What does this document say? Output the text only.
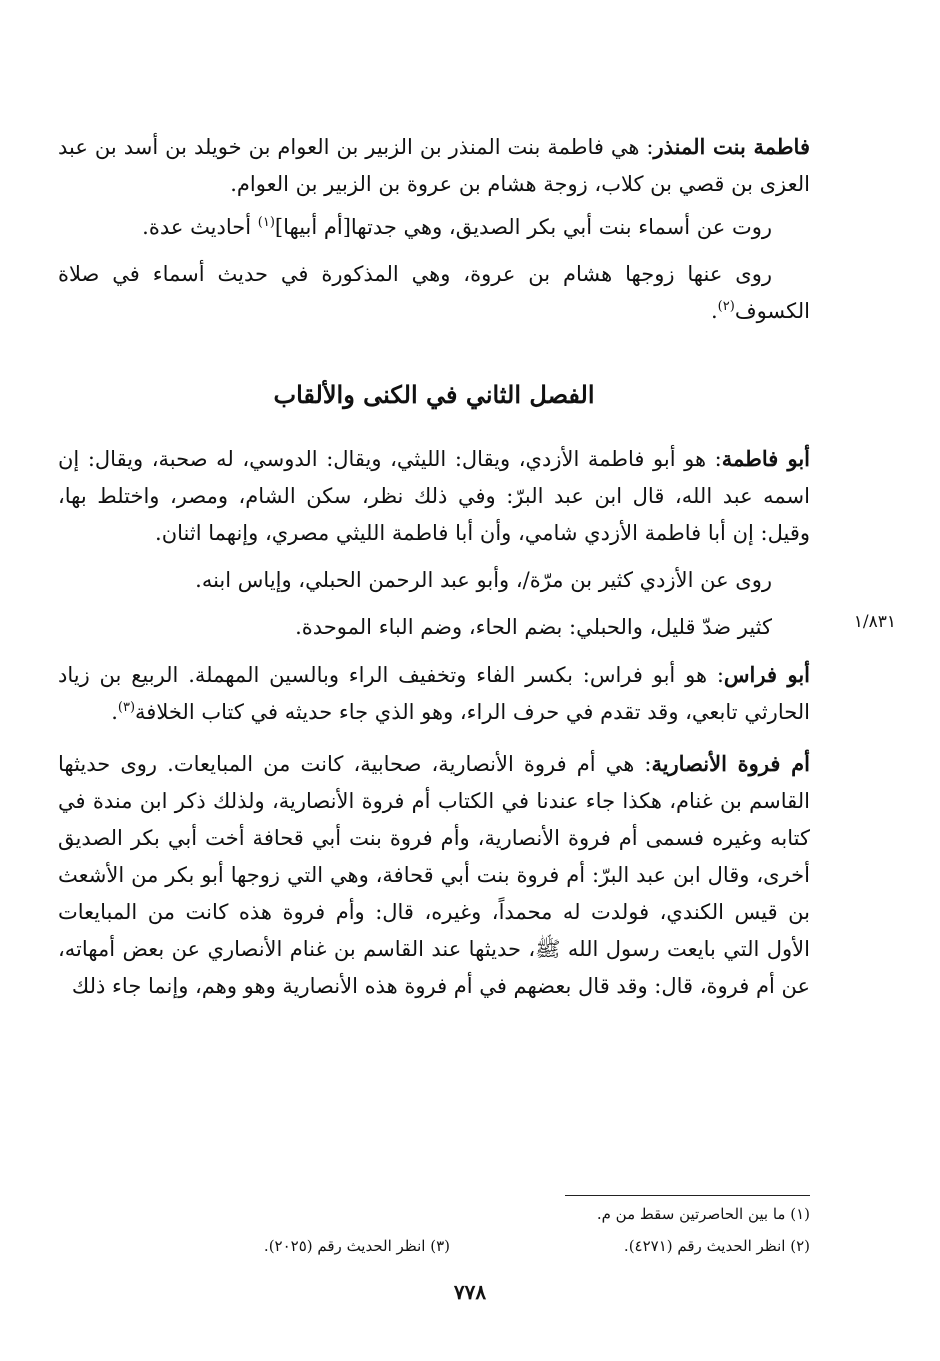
فاطمة بنت المنذر: هي فاطمة بنت المنذر بن الزبير بن العوام بن خويلد بن أسد بن عبد العزى بن قصي بن كلاب، زوجة هشام بن عروة بن الزبير بن العوام.

روت عن أسماء بنت أبي بكر الصديق، وهي جدتها[أم أبيها]$^{(١)}$ أحاديث عدة.

روى عنها زوجها هشام بن عروة، وهي المذكورة في حديث أسماء في صلاة الكسوف$^{(٢)}$.

الفصل الثاني في الكنى والألقاب

أبو فاطمة: هو أبو فاطمة الأزدي، ويقال: الليثي، ويقال: الدوسي، له صحبة، ويقال: إن اسمه عبد الله، قال ابن عبد البرّ: وفي ذلك نظر، سكن الشام، ومصر، واختلط بها، وقيل: إن أبا فاطمة الأزدي شامي، وأن أبا فاطمة الليثي مصري، وإنهما اثنان.

روى عن الأزدي كثير بن مرّة/، وأبو عبد الرحمن الحبلي، وإياس ابنه.

كثير ضدّ قليل، والحبلي: بضم الحاء، وضم الباء الموحدة.

أبو فراس: هو أبو فراس: بكسر الفاء وتخفيف الراء وبالسين المهملة. الربيع بن زياد الحارثي تابعي، وقد تقدم في حرف الراء، وهو الذي جاء حديثه في كتاب الخلافة$^{(٣)}$.

أم فروة الأنصارية: هي أم فروة الأنصارية، صحابية، كانت من المبايعات. روى حديثها القاسم بن غنام، هكذا جاء عندنا في الكتاب أم فروة الأنصارية، ولذلك ذكر ابن مندة في كتابه وغيره فسمى أم فروة الأنصارية، وأم فروة بنت أبي قحافة أخت أبي بكر الصديق أخرى، وقال ابن عبد البرّ: أم فروة بنت أبي قحافة، وهي التي زوجها أبو بكر من الأشعث بن قيس الكندي، فولدت له محمداً، وغيره، قال: وأم فروة هذه كانت من المبايعات الأول التي بايعت رسول الله ﷺ، حديثها عند القاسم بن غنام الأنصاري عن بعض أمهاته، عن أم فروة، قال: وقد قال بعضهم في أم فروة هذه الأنصارية وهو وهم، وإنما جاء ذلك

١/٨٣١
(١) ما بين الحاصرتين سقط من م.
(٢) انظر الحديث رقم (٤٢٧١).
(٣) انظر الحديث رقم (٢٠٢٥).
٧٧٨
